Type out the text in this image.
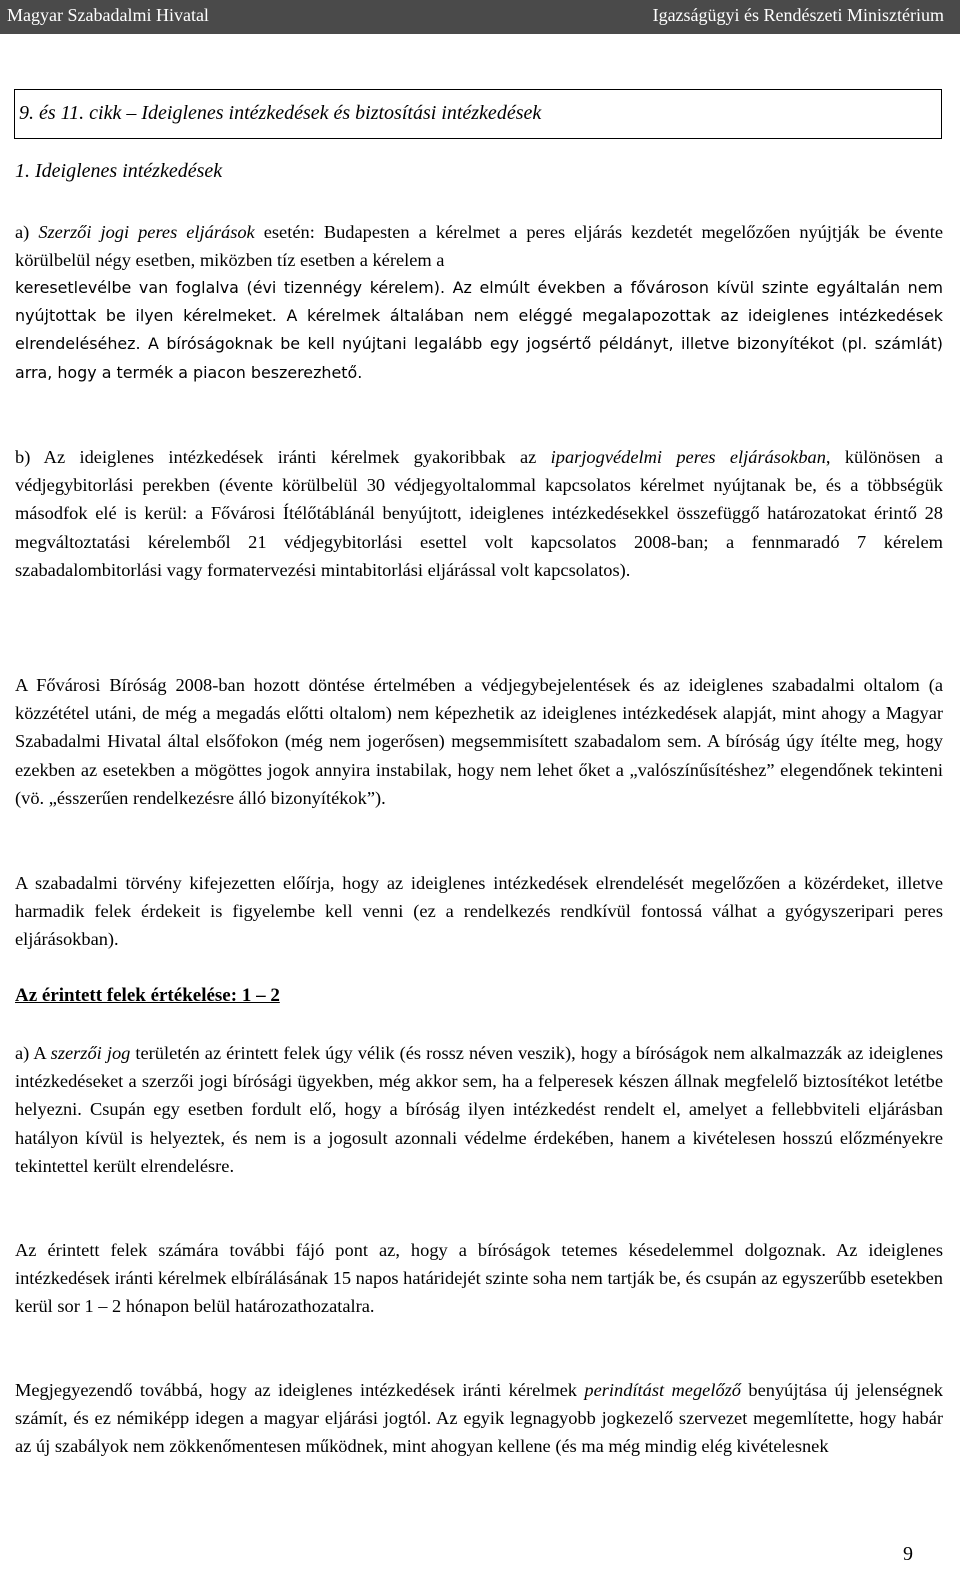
Magyar Szabadalmi Hivatal	Igazságügyi és Rendészeti Minisztérium
9. és 11. cikk – Ideiglenes intézkedések és biztosítási intézkedések
1. Ideiglenes intézkedések

a) Szerzői jogi peres eljárások esetén: Budapesten a kérelmet a peres eljárás kezdetét megelőzően nyújtják be évente körülbelül négy esetben, miközben tíz esetben a kérelem a

keresetlevélbe van foglalva (évi tizennégy kérelem). Az elmúlt években a fővároson kívül szinte egyáltalán nem nyújtottak be ilyen kérelmeket. A kérelmek általában nem eléggé megalapozottak az ideiglenes intézkedések elrendeléséhez. A bíróságoknak be kell nyújtani legalább egy jogsértő példányt, illetve bizonyítékot (pl. számlát) arra, hogy a termék a piacon beszerezhető.

b) Az ideiglenes intézkedések iránti kérelmek gyakoribbak az iparjogvédelmi peres eljárásokban, különösen a védjegybitorlási perekben (évente körülbelül 30 védjegyoltalommal kapcsolatos kérelmet nyújtanak be, és a többségük másodfok elé is kerül: a Fővárosi Ítélőtáblánál benyújtott, ideiglenes intézkedésekkel összefüggő határozatokat érintő 28 megváltoztatási kérelemből 21 védjegybitorlási esettel volt kapcsolatos 2008-ban; a fennmaradó 7 kérelem szabadalombitorlási vagy formatervezési mintabitorlási eljárással volt kapcsolatos).

A Fővárosi Bíróság 2008-ban hozott döntése értelmében a védjegybejelentések és az ideiglenes szabadalmi oltalom (a közzététel utáni, de még a megadás előtti oltalom) nem képezhetik az ideiglenes intézkedések alapját, mint ahogy a Magyar Szabadalmi Hivatal által elsőfokon (még nem jogerősen) megsemmisített szabadalom sem. A bíróság úgy ítélte meg, hogy ezekben az esetekben a mögöttes jogok annyira instabilak, hogy nem lehet őket a „valószínűsítéshez” elegendőnek tekinteni (vö. „ésszerűen rendelkezésre álló bizonyítékok”).

A szabadalmi törvény kifejezetten előírja, hogy az ideiglenes intézkedések elrendelését megelőzően a közérdeket, illetve harmadik felek érdekeit is figyelembe kell venni (ez a rendelkezés rendkívül fontossá válhat a gyógyszeripari peres eljárásokban).

Az érintett felek értékelése: 1 – 2

a) A szerzői jog területén az érintett felek úgy vélik (és rossz néven veszik), hogy a bíróságok nem alkalmazzák az ideiglenes intézkedéseket a szerzői jogi bírósági ügyekben, még akkor sem, ha a felperesek készen állnak megfelelő biztosítékot letétbe helyezni. Csupán egy esetben fordult elő, hogy a bíróság ilyen intézkedést rendelt el, amelyet a fellebbviteli eljárásban hatályon kívül is helyeztek, és nem is a jogosult azonnali védelme érdekében, hanem a kivételesen hosszú előzményekre tekintettel került elrendelésre.

Az érintett felek számára további fájó pont az, hogy a bíróságok tetemes késedelemmel dolgoznak. Az ideiglenes intézkedések iránti kérelmek elbírálásának 15 napos határidejét szinte soha nem tartják be, és csupán az egyszerűbb esetekben kerül sor 1 – 2 hónapon belül határozathozatalra.

Megjegyezendő továbbá, hogy az ideiglenes intézkedések iránti kérelmek perindítást megelőző benyújtása új jelenségnek számít, és ez némiképp idegen a magyar eljárási jogtól. Az egyik legnagyobb jogkezelő szervezet megemlítette, hogy habár az új szabályok nem zökkenőmentesen működnek, mint ahogyan kellene (és ma még mindig elég kivételesnek

9
